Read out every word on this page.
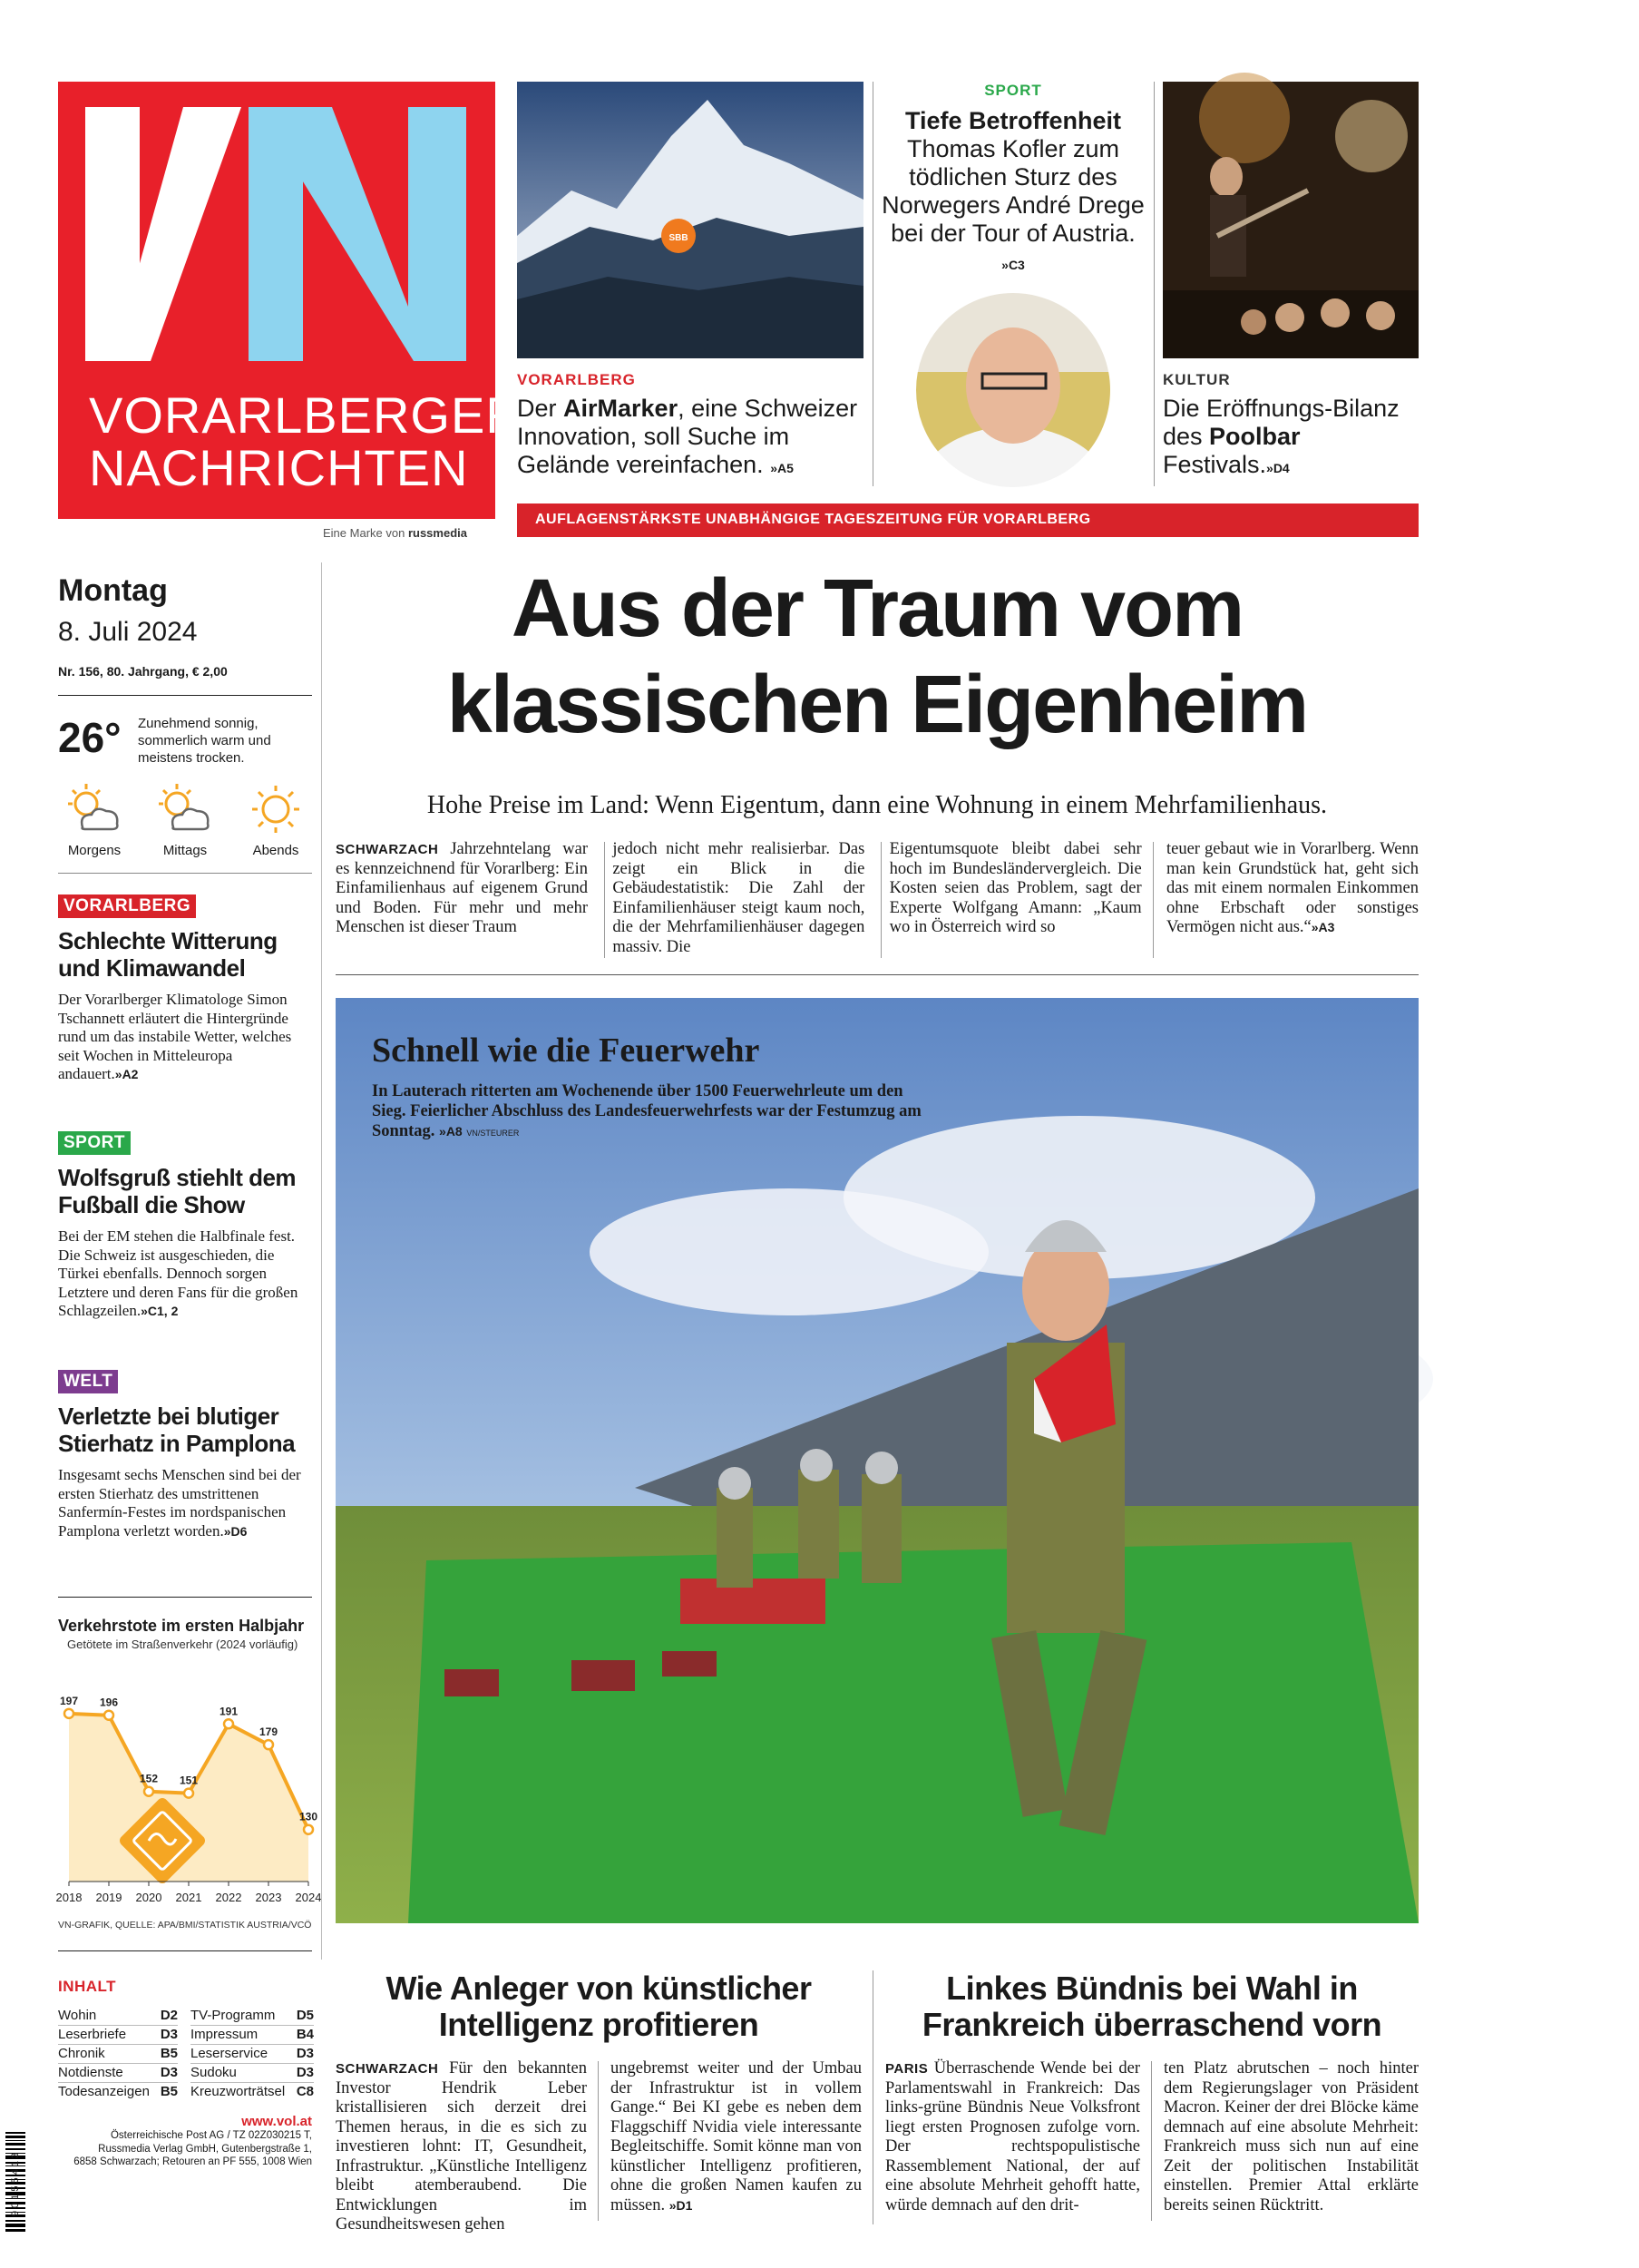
VORARLBERGER
NACHRICHTEN
Eine Marke von russmedia
SBB
VORARLBERG
Der AirMarker, eine Schweizer Innovation, soll Suche im Gelände vereinfachen. »A5
SPORT
Tiefe Betroffenheit
Thomas Kofler zum tödlichen Sturz des Norwegers André Drege bei der Tour of Austria. »C3
KULTUR
Die Eröffnungs-Bilanz des Poolbar Festivals.»D4
AUFLAGENSTÄRKSTE UNABHÄNGIGE TAGESZEITUNG FÜR VORARLBERG	♥ #vorarlberghältzusammen
Montag
8. Juli 2024
Nr. 156, 80. Jahrgang, € 2,00
26° Zunehmend sonnig, sommerlich warm und meistens trocken.
Morgens	Mittags	Abends
VORARLBERG
Schlechte Witterung und Klimawandel
Der Vorarlberger Klimatologe Simon Tschannett erläutert die Hintergründe rund um das instabile Wetter, welches seit Wochen in Mitteleuropa andauert.»A2
SPORT
Wolfsgruß stiehlt dem Fußball die Show
Bei der EM stehen die Halbfinale fest. Die Schweiz ist ausgeschieden, die Türkei ebenfalls. Dennoch sorgen Letztere und deren Fans für die großen Schlagzeilen.»C1, 2
WELT
Verletzte bei blutiger Stierhatz in Pamplona
Insgesamt sechs Menschen sind bei der ersten Stierhatz des umstrittenen Sanfermín-Festes im nordspanischen Pamplona verletzt worden.»D6
Verkehrstote im ersten Halbjahr
Getötete im Straßenverkehr (2024 vorläufig)
197
2018
196
2019
152
2020
151
2021
191
2022
179
2023
130
2024
VN-GRAFIK, QUELLE: APA/BMI/STATISTIK AUSTRIA/VCÖ
INHALT
Wohin	D2
Leserbriefe	D3
Chronik	B5
Notdienste	D3
Todesanzeigen B5
TV-Programm D5
Impressum	B4
Leserservice D3
Sudoku	D3
Kreuzworträtsel C8
www.vol.at
Österreichische Post AG / TZ 02Z030215 T,
Russmedia Verlag GmbH, Gutenbergstraße 1,
6858 Schwarzach; Retouren an PF 555, 1008 Wien
9 0 1 5 5 4 1 3
Aus der Traum vom
klassischen Eigenheim
Hohe Preise im Land: Wenn Eigentum, dann eine Wohnung in einem Mehrfamilienhaus.
SCHWARZACH Jahrzehntelang war es kennzeichnend für Vorarlberg: Ein Einfamilienhaus auf eigenem Grund und Boden. Für mehr und mehr Menschen ist dieser Traum
jedoch nicht mehr realisierbar. Das zeigt ein Blick in die Gebäudestatistik: Die Zahl der Einfamilienhäuser steigt kaum noch, die der Mehrfamilienhäuser dagegen massiv. Die
Eigentumsquote bleibt dabei sehr hoch im Bundesländervergleich. Die Kosten seien das Problem, sagt der Experte Wolfgang Amann: „Kaum wo in Österreich wird so
teuer gebaut wie in Vorarlberg. Wenn man kein Grundstück hat, geht sich das mit einem normalen Einkommen ohne Erbschaft oder sonstiges Vermögen nicht aus.“»A3
Schnell wie die Feuerwehr
In Lauterach ritterten am Wochenende über 1500 Feuerwehrleute um den Sieg. Feierlicher Abschluss des Landesfeuerwehrfests war der Festumzug am Sonntag. »A8 VN/STEURER
Wie Anleger von künstlicher
Intelligenz profitieren
SCHWARZACH Für den bekannten Investor Hendrik Leber kristallisieren sich derzeit drei Themen heraus, in die es sich zu investieren lohnt: IT, Gesundheit, Infrastruktur. „Künstliche Intelligenz bleibt atemberaubend. Die Entwicklungen im Gesundheitswesen gehen
ungebremst weiter und der Umbau der Infrastruktur ist in vollem Gange.“ Bei KI gebe es neben dem Flaggschiff Nvidia viele interessante Begleitschiffe. Somit könne man von künstlicher Intelligenz profitieren, ohne die großen Namen kaufen zu müssen. »D1
Linkes Bündnis bei Wahl in
Frankreich überraschend vorn
PARIS Überraschende Wende bei der Parlamentswahl in Frankreich: Das links-grüne Bündnis Neue Volksfront liegt ersten Prognosen zufolge vorn. Der rechtspopulistische Rassemblement National, der auf eine absolute Mehrheit gehofft hatte, würde demnach auf den drit-
ten Platz abrutschen – noch hinter dem Regierungslager von Präsident Macron. Keiner der drei Blöcke käme demnach auf eine absolute Mehrheit: Frankreich muss sich nun auf eine Zeit der politischen Instabilität einstellen. Premier Attal erklärte bereits seinen Rücktritt.
